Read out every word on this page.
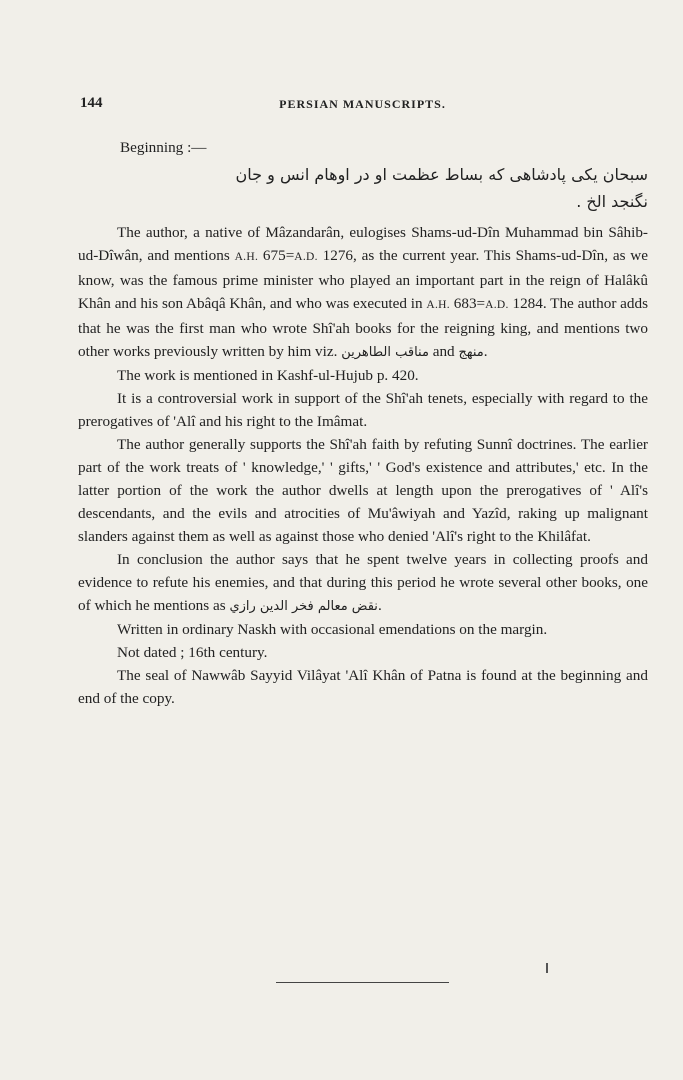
144	PERSIAN MANUSCRIPTS.
Beginning :—
سبحان یکی پادشاهی که بساط عظمت او در اوهام انس و جان
نگنجد الخ .

The author, a native of Mâzandarân, eulogises Shams-ud-Dîn Muhammad bin Sâhib-ud-Dîwân, and mentions A.H. 675=A.D. 1276, as the current year. This Shams-ud-Dîn, as we know, was the famous prime minister who played an important part in the reign of Halâkû Khân and his son Abâqâ Khân, and who was executed in A.H. 683=A.D. 1284. The author adds that he was the first man who wrote Shî'ah books for the reigning king, and mentions two other works previously written by him viz. مناقب الطاهرين and منهج.

The work is mentioned in Kashf-ul-Hujub p. 420.

It is a controversial work in support of the Shî'ah tenets, especially with regard to the prerogatives of 'Alî and his right to the Imâmat.

The author generally supports the Shî'ah faith by refuting Sunnî doctrines. The earlier part of the work treats of ' knowledge,' ' gifts,' ' God's existence and attributes,' etc. In the latter portion of the work the author dwells at length upon the prerogatives of ' Alî's descendants, and the evils and atrocities of Mu'âwiyah and Yazîd, raking up malignant slanders against them as well as against those who denied 'Alî's right to the Khilâfat.

In conclusion the author says that he spent twelve years in collecting proofs and evidence to refute his enemies, and that during this period he wrote several other books, one of which he mentions as نقض معالم فخر الدين رازي.

Written in ordinary Naskh with occasional emendations on the margin.

Not dated ; 16th century.

The seal of Nawwâb Sayyid Vilâyat 'Alî Khân of Patna is found at the beginning and end of the copy.
